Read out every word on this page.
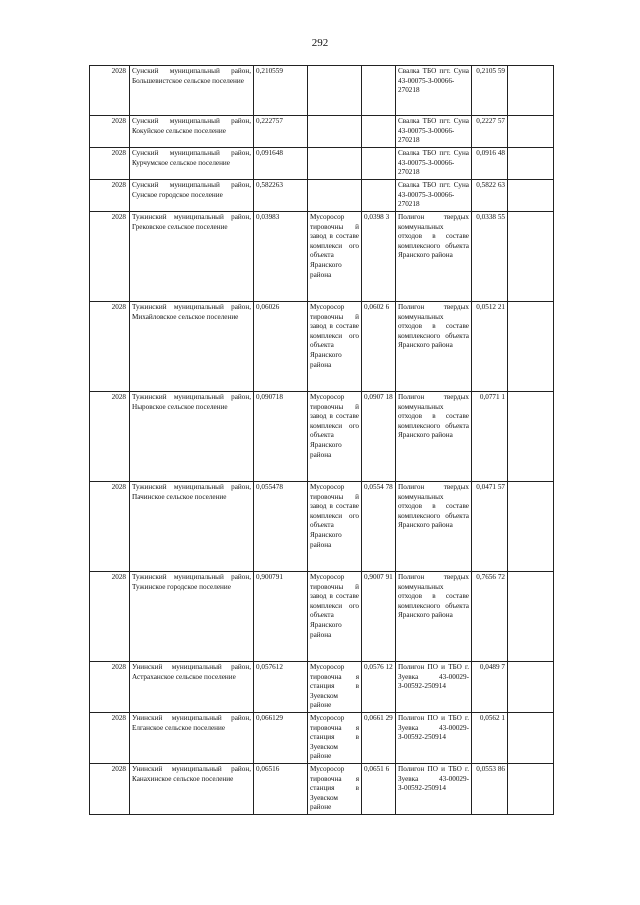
292
2028	Сунский муниципальный район, Большевистское сельское поселение	0,210559			Свалка ТБО пгт. Суна 43-00075-З-00066-270218	0,2105 59	
2028	Сунский муниципальный район, Кокуйское сельское поселение	0,222757			Свалка ТБО пгт. Суна 43-00075-З-00066-270218	0,2227 57	
2028	Сунский муниципальный район, Курчумское сельское поселение	0,091648			Свалка ТБО пгт. Суна 43-00075-З-00066-270218	0,0916 48	
2028	Сунский муниципальный район, Сунское городское поселение	0,582263			Свалка ТБО пгт. Суна 43-00075-З-00066-270218	0,5822 63	
2028	Тужинский муниципальный район, Грековское сельское поселение	0,03983	Мусоросор тировочны й завод в составе комплекси ого объекта Яранского района	0,0398 3	Полигон твердых коммунальных отходов в составе комплексного объекта Яранского района	0,0338 55	
2028	Тужинский муниципальный район, Михайловское сельское поселение	0,06026	Мусоросор тировочны й завод в составе комплекси ого объекта Яранского района	0,0602 6	Полигон твердых коммунальных отходов в составе комплексного объекта Яранского района	0,0512 21	
2028	Тужинский муниципальный район, Ныровское сельское поселение	0,090718	Мусоросор тировочны й завод в составе комплекси ого объекта Яранского района	0,0907 18	Полигон твердых коммунальных отходов в составе комплексного объекта Яранского района	0,0771 1	
2028	Тужинский муниципальный район, Пачинское сельское поселение	0,055478	Мусоросор тировочны й завод в составе комплекси ого объекта Яранского района	0,0554 78	Полигон твердых коммунальных отходов в составе комплексного объекта Яранского района	0,0471 57	
2028	Тужинский муниципальный район, Тужинское городское поселение	0,900791	Мусоросор тировочны й завод в составе комплекси ого объекта Яранского района	0,9007 91	Полигон твердых коммунальных отходов в составе комплексного объекта Яранского района	0,7656 72	
2028	Унинский муниципальный район, Астраханское сельское поселение	0,057612	Мусоросор тировочна я станция в Зуевском районе	0,0576 12	Полигон ПО и ТБО г. Зуевка 43-00029-З-00592-250914	0,0489 7	
2028	Унинский муниципальный район, Елганское сельское поселение	0,066129	Мусоросор тировочна я станция в Зуевском районе	0,0661 29	Полигон ПО и ТБО г. Зуевка 43-00029-З-00592-250914	0,0562 1	
2028	Унинский муниципальный район, Канахинское сельское поселение	0,06516	Мусоросор тировочна я станция в Зуевском районе	0,0651 6	Полигон ПО и ТБО г. Зуевка 43-00029-З-00592-250914	0,0553 86	
